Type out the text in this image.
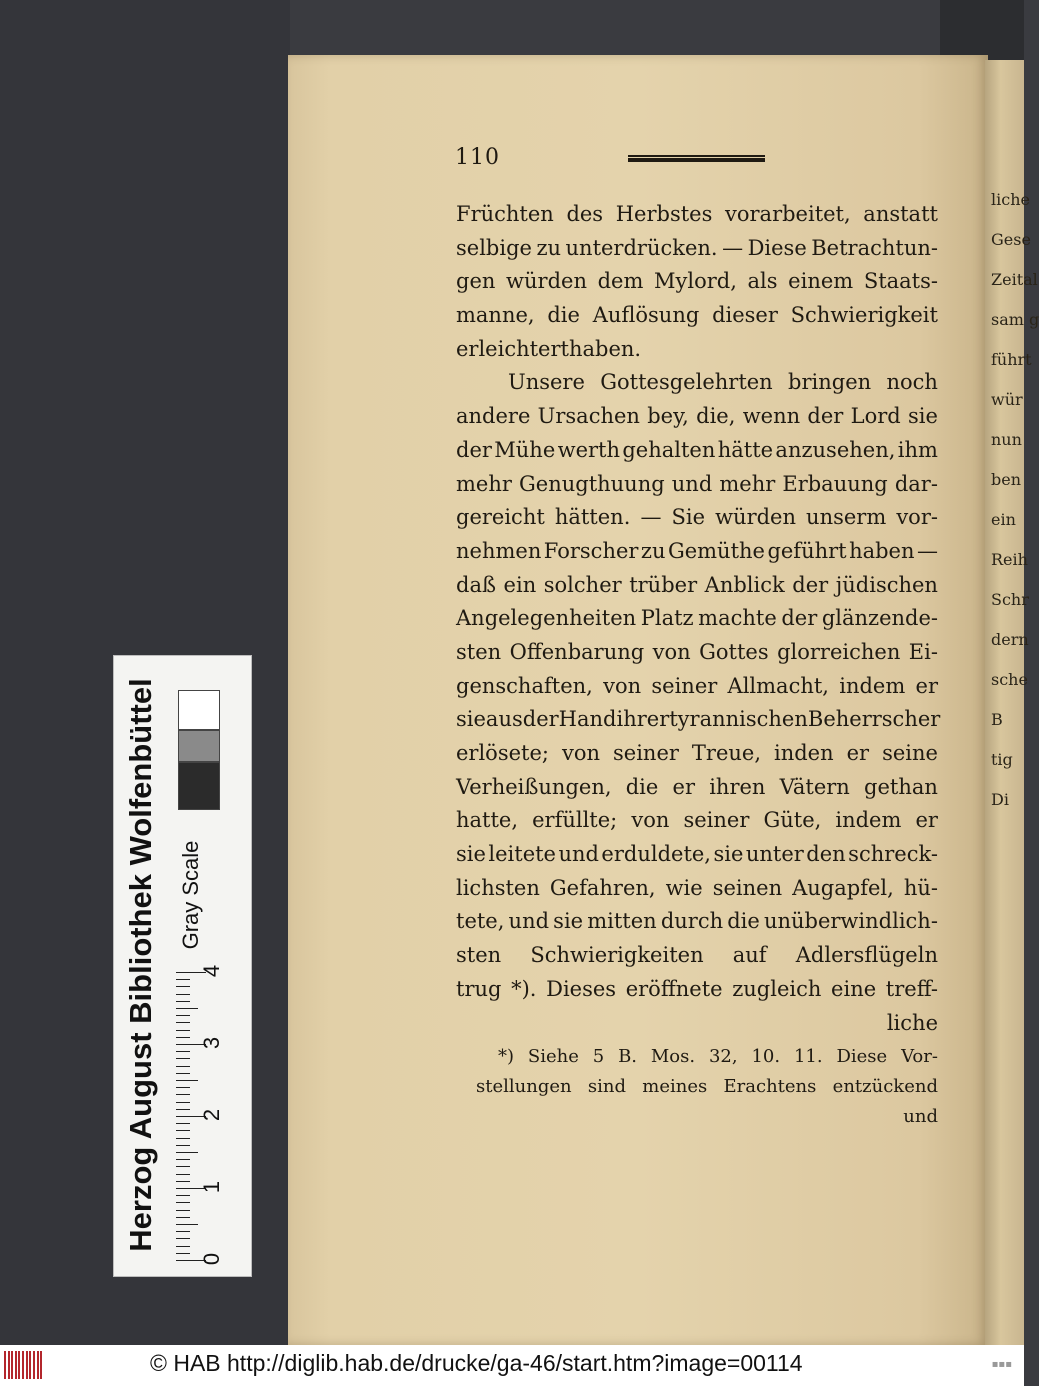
liche
Gese
Zeital
sam g
führt
wür
nun
ben
ein
Reih
Schr
dern
sche
B
tig
Di
110
Früchten des Herbstes vorarbeitet, anstatt
selbige zu unterdrücken. — Diese Betrachtun-
gen würden dem Mylord, als einem Staats-
manne, die Auflösung dieser Schwierigkeit
erleichtert haben.
Unsere Gottesgelehrten bringen noch
andere Ursachen bey, die, wenn der Lord sie
der Mühe werth gehalten hätte anzusehen, ihm
mehr Genugthuung und mehr Erbauung dar-
gereicht hätten. — Sie würden unserm vor-
nehmen Forscher zu Gemüthe geführt haben —
daß ein solcher trüber Anblick der jüdischen
Angelegenheiten Platz machte der glänzende-
sten Offenbarung von Gottes glorreichen Ei-
genschaften, von seiner Allmacht, indem er
sie aus der Hand ihrer tyrannischen Beherrscher
erlösete; von seiner Treue, inden er seine
Verheißungen, die er ihren Vätern gethan
hatte, erfüllte; von seiner Güte, indem er
sie leitete und erduldete, sie unter den schreck-
lichsten Gefahren, wie seinen Augapfel, hü-
tete, und sie mitten durch die unüberwindlich-
sten Schwierigkeiten auf Adlersflügeln
trug *). Dieses eröffnete zugleich eine treff-
liche
*) Siehe 5 B. Mos. 32, 10. 11. Diese Vor-
stellungen sind meines Erachtens entzückend
und
Herzog August Bibliothek Wolfenbüttel Gray Scale
0
1
2
3
4
© HAB http://diglib.hab.de/drucke/ga-46/start.htm?image=00114	▪▪▪
